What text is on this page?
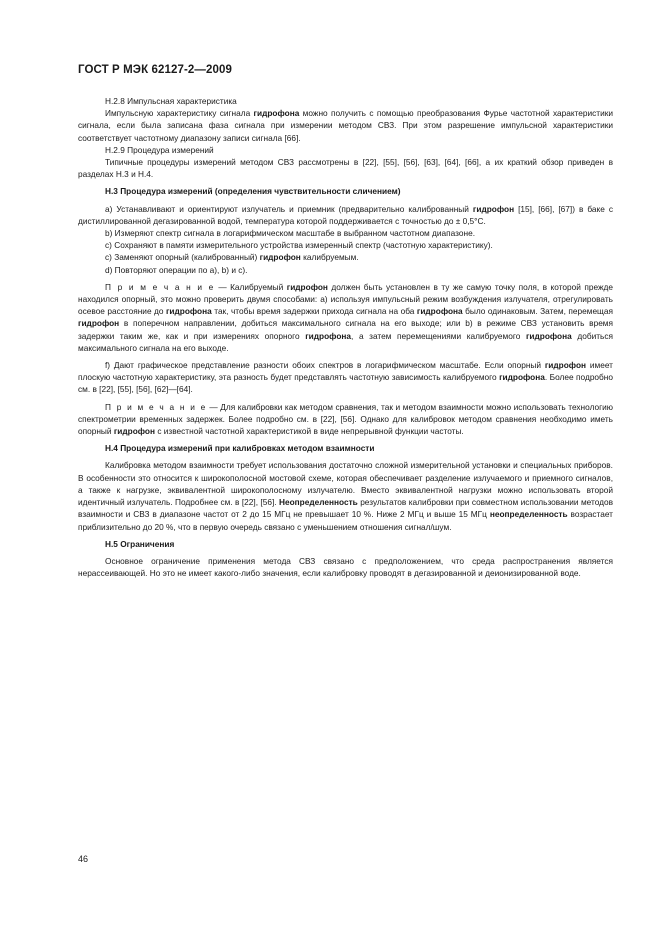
ГОСТ Р МЭК 62127-2—2009

Н.2.8 Импульсная характеристика

Импульсную характеристику сигнала гидрофона можно получить с помощью преобразования Фурье частотной характеристики сигнала, если была записана фаза сигнала при измерении методом СВЗ. При этом разрешение импульсной характеристики соответствует частотному диапазону записи сигнала [66].

Н.2.9 Процедура измерений

Типичные процедуры измерений методом СВЗ рассмотрены в [22], [55], [56], [63], [64], [66], а их краткий обзор приведен в разделах Н.3 и Н.4.

Н.3 Процедура измерений (определения чувствительности сличением)

a) Устанавливают и ориентируют излучатель и приемник (предварительно калиброванный гидрофон [15], [66], [67]) в баке с дистиллированной дегазированной водой, температура которой поддерживается с точностью до ± 0,5°С.

b) Измеряют спектр сигнала в логарифмическом масштабе в выбранном частотном диапазоне.

c) Сохраняют в памяти измерительного устройства измеренный спектр (частотную характеристику).

c) Заменяют опорный (калиброванный) гидрофон калибруемым.

d) Повторяют операции по a), b) и c).

П р и м е ч а н и е — Калибруемый гидрофон должен быть установлен в ту же самую точку поля, в которой прежде находился опорный, это можно проверить двумя способами: a) используя импульсный режим возбуждения излучателя, отрегулировать осевое расстояние до гидрофона так, чтобы время задержки прихода сигнала на оба гидрофона было одинаковым. Затем, перемещая гидрофон в поперечном направлении, добиться максимального сигнала на его выходе; или b) в режиме СВЗ установить время задержки таким же, как и при измерениях опорного гидрофона, а затем перемещениями калибруемого гидрофона добиться максимального сигнала на его выходе.

f) Дают графическое представление разности обоих спектров в логарифмическом масштабе. Если опорный гидрофон имеет плоскую частотную характеристику, эта разность будет представлять частотную зависимость калибруемого гидрофона. Более подробно см. в [22], [55], [56], [62]—[64].

П р и м е ч а н и е — Для калибровки как методом сравнения, так и методом взаимности можно использовать технологию спектрометрии временных задержек. Более подробно см. в [22], [56]. Однако для калибровок методом сравнения необходимо иметь опорный гидрофон с известной частотной характеристикой в виде непрерывной функции частоты.

Н.4 Процедура измерений при калибровках методом взаимности

Калибровка методом взаимности требует использования достаточно сложной измерительной установки и специальных приборов. В особенности это относится к широкополосной мостовой схеме, которая обеспечивает разделение излучаемого и приемного сигналов, а также к нагрузке, эквивалентной широкополосному излучателю. Вместо эквивалентной нагрузки можно использовать второй идентичный излучатель. Подробнее см. в [22], [56]. Неопределенность результатов калибровки при совместном использовании методов взаимности и СВЗ в диапазоне частот от 2 до 15 МГц не превышает 10 %. Ниже 2 МГц и выше 15 МГц неопределенность возрастает приблизительно до 20 %, что в первую очередь связано с уменьшением отношения сигнал/шум.

Н.5 Ограничения

Основное ограничение применения метода СВЗ связано с предположением, что среда распространения является нерассеивающей. Но это не имеет какого-либо значения, если калибровку проводят в дегазированной и деионизированной воде.

46
